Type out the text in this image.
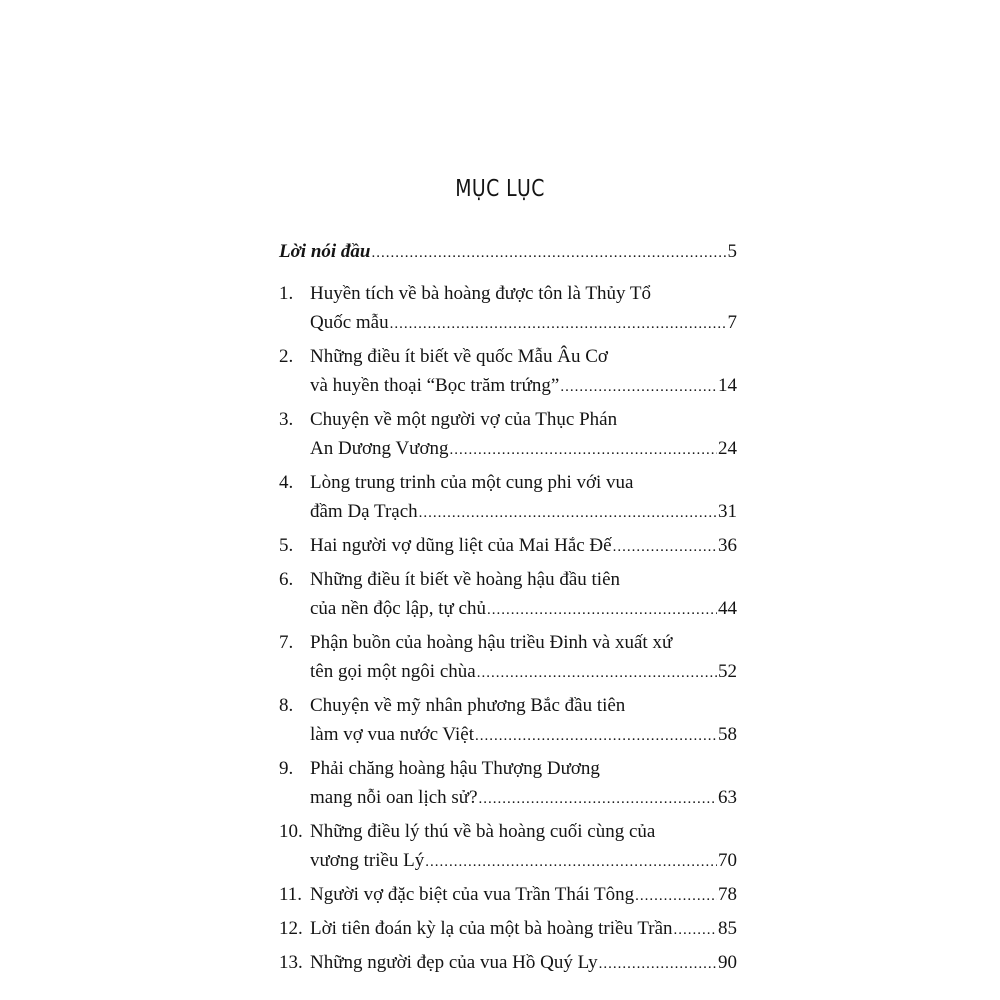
MỤC LỤC
Lời nói đầu .....	5
1. Huyền tích về bà hoàng được tôn là Thủy Tổ
Quốc mẫu .....	7
2. Những điều ít biết về quốc Mẫu Âu Cơ
và huyền thoại “Bọc trăm trứng” .....	14
3. Chuyện về một người vợ của Thục Phán
An Dương Vương .....	24
4. Lòng trung trinh của một cung phi với vua
đầm Dạ Trạch .....	31
5. Hai người vợ dũng liệt của Mai Hắc Đế .....	36
6. Những điều ít biết về hoàng hậu đầu tiên
của nền độc lập, tự chủ .....	44
7. Phận buồn của hoàng hậu triều Đinh và xuất xứ
tên gọi một ngôi chùa .....	52
8. Chuyện về mỹ nhân phương Bắc đầu tiên
làm vợ vua nước Việt .....	58
9. Phải chăng hoàng hậu Thượng Dương
mang nỗi oan lịch sử? .....	63
10. Những điều lý thú về bà hoàng cuối cùng của
vương triều Lý .....	70
11. Người vợ đặc biệt của vua Trần Thái Tông .....	78
12. Lời tiên đoán kỳ lạ của một bà hoàng triều Trần ..... 85
13. Những người đẹp của vua Hồ Quý Ly .....	90
